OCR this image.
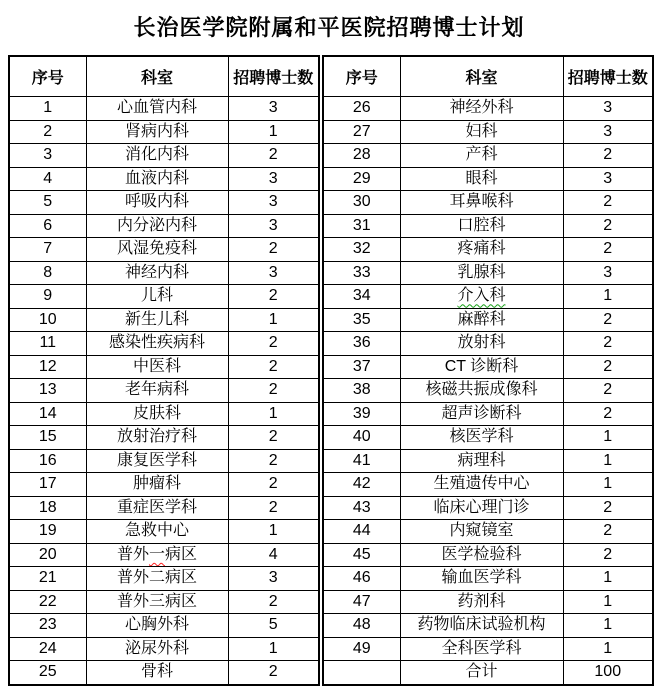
长治医学院附属和平医院招聘博士计划
序号	科室	招聘博士数
1	心血管内科	3
2	肾病内科	1
3	消化内科	2
4	血液内科	3
5	呼吸内科	3
6	内分泌内科	3
7	风湿免疫科	2
8	神经内科	3
9	儿科	2
10	新生儿科	1
11	感染性疾病科	2
12	中医科	2
13	老年病科	2
14	皮肤科	1
15	放射治疗科	2
16	康复医学科	2
17	肿瘤科	2
18	重症医学科	2
19	急救中心	1
20	普外一病区	4
21	普外二病区	3
22	普外三病区	2
23	心胸外科	5
24	泌尿外科	1
25	骨科	2
序号	科室	招聘博士数
26	神经外科	3
27	妇科	3
28	产科	2
29	眼科	3
30	耳鼻喉科	2
31	口腔科	2
32	疼痛科	2
33	乳腺科	3
34	介入科	1
35	麻醉科	2
36	放射科	2
37	CT 诊断科	2
38	核磁共振成像科	2
39	超声诊断科	2
40	核医学科	1
41	病理科	1
42	生殖遗传中心	1
43	临床心理门诊	2
44	内窥镜室	2
45	医学检验科	2
46	输血医学科	1
47	药剂科	1
48	药物临床试验机构	1
49	全科医学科	1
	合计	100
